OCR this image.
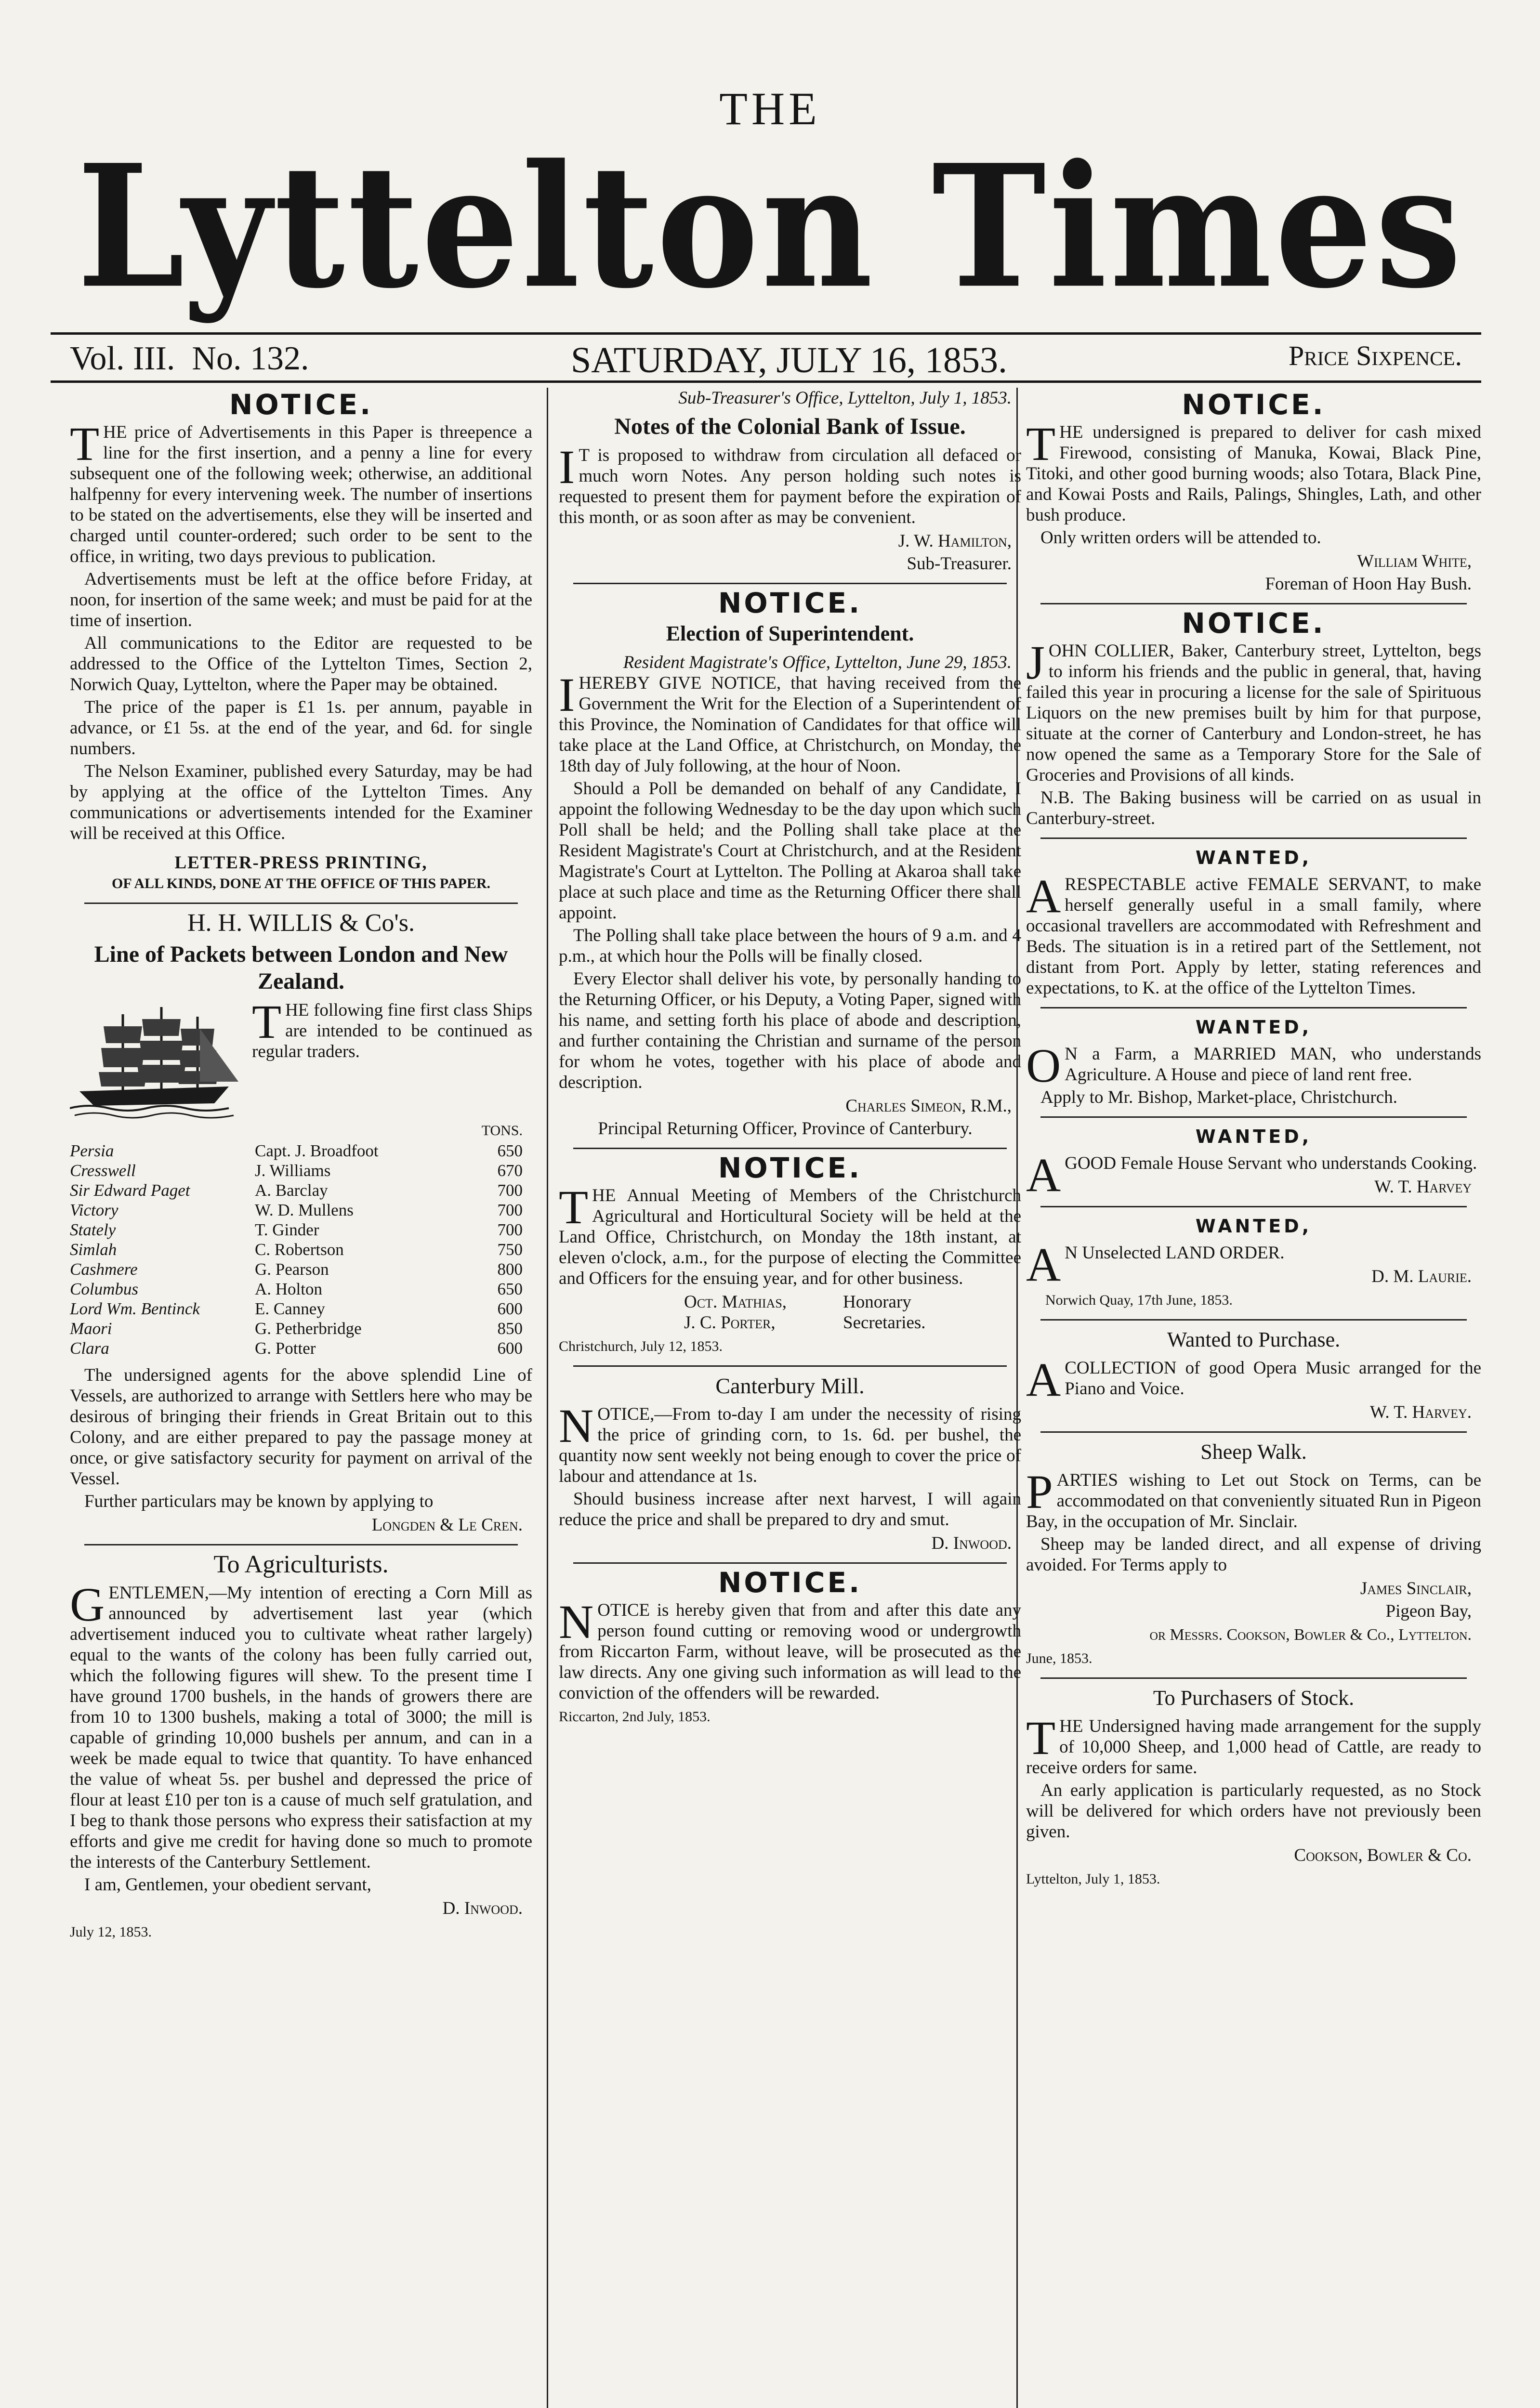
THE
Lyttelton Times
Vol. III. No. 132.	SATURDAY, JULY 16, 1853.	Price Sixpence.
NOTICE.

THE price of Advertisements in this Paper is threepence a line for the first insertion, and a penny a line for every subsequent one of the following week; otherwise, an additional halfpenny for every intervening week. The number of insertions to be stated on the advertisements, else they will be inserted and charged until counter-ordered; such order to be sent to the office, in writing, two days previous to publication.

Advertisements must be left at the office before Friday, at noon, for insertion of the same week; and must be paid for at the time of insertion.

All communications to the Editor are requested to be addressed to the Office of the Lyttelton Times, Section 2, Norwich Quay, Lyttelton, where the Paper may be obtained.

The price of the paper is £1 1s. per annum, payable in advance, or £1 5s. at the end of the year, and 6d. for single numbers.

The Nelson Examiner, published every Saturday, may be had by applying at the office of the Lyttelton Times. Any communications or advertisements intended for the Examiner will be received at this Office.

LETTER-PRESS PRINTING,
OF ALL KINDS, DONE AT THE OFFICE OF THIS PAPER.
H. H. WILLIS & Co's.
Line of Packets between London and New Zealand.

THE following fine first class Ships are intended to be continued as regular traders.

TONS.
Persia	Capt. J. Broadfoot	650
Cresswell	J. Williams	670
Sir Edward Paget	A. Barclay	700
Victory	W. D. Mullens	700
Stately	T. Ginder	700
Simlah	C. Robertson	750
Cashmere	G. Pearson	800
Columbus	A. Holton	650
Lord Wm. Bentinck	E. Canney	600
Maori	G. Petherbridge	850
Clara	G. Potter	600

The undersigned agents for the above splendid Line of Vessels, are authorized to arrange with Settlers here who may be desirous of bringing their friends in Great Britain out to this Colony, and are either prepared to pay the passage money at once, or give satisfactory security for payment on arrival of the Vessel.

Further particulars may be known by applying to

Longden & Le Cren.
To Agriculturists.

GENTLEMEN,—My intention of erecting a Corn Mill as announced by advertisement last year (which advertisement induced you to cultivate wheat rather largely) equal to the wants of the colony has been fully carried out, which the following figures will shew. To the present time I have ground 1700 bushels, in the hands of growers there are from 10 to 1300 bushels, making a total of 3000; the mill is capable of grinding 10,000 bushels per annum, and can in a week be made equal to twice that quantity. To have enhanced the value of wheat 5s. per bushel and depressed the price of flour at least £10 per ton is a cause of much self gratulation, and I beg to thank those persons who express their satisfaction at my efforts and give me credit for having done so much to promote the interests of the Canterbury Settlement.

I am, Gentlemen, your obedient servant,

D. Inwood.
July 12, 1853.
Sub-Treasurer's Office, Lyttelton, July 1, 1853.
Notes of the Colonial Bank of Issue.

IT is proposed to withdraw from circulation all defaced or much worn Notes. Any person holding such notes is requested to present them for payment before the expiration of this month, or as soon after as may be convenient.

J. W. Hamilton,
Sub-Treasurer.
NOTICE.
Election of Superintendent.
Resident Magistrate's Office, Lyttelton, June 29, 1853.

IHEREBY GIVE NOTICE, that having received from the Government the Writ for the Election of a Superintendent of this Province, the Nomination of Candidates for that office will take place at the Land Office, at Christchurch, on Monday, the 18th day of July following, at the hour of Noon.

Should a Poll be demanded on behalf of any Candidate, I appoint the following Wednesday to be the day upon which such Poll shall be held; and the Polling shall take place at the Resident Magistrate's Court at Christchurch, and at the Resident Magistrate's Court at Lyttelton. The Polling at Akaroa shall take place at such place and time as the Returning Officer there shall appoint.

The Polling shall take place between the hours of 9 a.m. and 4 p.m., at which hour the Polls will be finally closed.

Every Elector shall deliver his vote, by personally handing to the Returning Officer, or his Deputy, a Voting Paper, signed with his name, and setting forth his place of abode and description, and further containing the Christian and surname of the person for whom he votes, together with his place of abode and description.

Charles Simeon, R.M.,
Principal Returning Officer, Province of Canterbury.
NOTICE.

THE Annual Meeting of Members of the Christchurch Agricultural and Horticultural Society will be held at the Land Office, Christchurch, on Monday the 18th instant, at eleven o'clock, a.m., for the purpose of electing the Committee and Officers for the ensuing year, and for other business.

Oct. Mathias,
J. C. Porter,
Honorary Secretaries.
Christchurch, July 12, 1853.
Canterbury Mill.

NOTICE,—From to-day I am under the necessity of rising the price of grinding corn, to 1s. 6d. per bushel, the quantity now sent weekly not being enough to cover the price of labour and attendance at 1s.

Should business increase after next harvest, I will again reduce the price and shall be prepared to dry and smut.

D. Inwood.
NOTICE.

NOTICE is hereby given that from and after this date any person found cutting or removing wood or undergrowth from Riccarton Farm, without leave, will be prosecuted as the law directs. Any one giving such information as will lead to the conviction of the offenders will be rewarded.

Riccarton, 2nd July, 1853.
NOTICE.

THE undersigned is prepared to deliver for cash mixed Firewood, consisting of Manuka, Kowai, Black Pine, Titoki, and other good burning woods; also Totara, Black Pine, and Kowai Posts and Rails, Palings, Shingles, Lath, and other bush produce.

Only written orders will be attended to.

William White,
Foreman of Hoon Hay Bush.
NOTICE.

JOHN COLLIER, Baker, Canterbury street, Lyttelton, begs to inform his friends and the public in general, that, having failed this year in procuring a license for the sale of Spirituous Liquors on the new premises built by him for that purpose, situate at the corner of Canterbury and London-street, he has now opened the same as a Temporary Store for the Sale of Groceries and Provisions of all kinds.

N.B. The Baking business will be carried on as usual in Canterbury-street.

WANTED,

ARESPECTABLE active FEMALE SERVANT, to make herself generally useful in a small family, where occasional travellers are accommodated with Refreshment and Beds. The situation is in a retired part of the Settlement, not distant from Port. Apply by letter, stating references and expectations, to K. at the office of the Lyttelton Times.

WANTED,

ON a Farm, a MARRIED MAN, who understands Agriculture. A House and piece of land rent free.

Apply to Mr. Bishop, Market-place, Christchurch.

WANTED,

AGOOD Female House Servant who understands Cooking.

W. T. Harvey
WANTED,

AN Unselected LAND ORDER.

D. M. Laurie.
Norwich Quay, 17th June, 1853.
Wanted to Purchase.

ACOLLECTION of good Opera Music arranged for the Piano and Voice.

W. T. Harvey.
Sheep Walk.

PARTIES wishing to Let out Stock on Terms, can be accommodated on that conveniently situated Run in Pigeon Bay, in the occupation of Mr. Sinclair.

Sheep may be landed direct, and all expense of driving avoided. For Terms apply to

James Sinclair,
Pigeon Bay,
or Messrs. Cookson, Bowler & Co., Lyttelton.
June, 1853.
To Purchasers of Stock.

THE Undersigned having made arrangement for the supply of 10,000 Sheep, and 1,000 head of Cattle, are ready to receive orders for same.

An early application is particularly requested, as no Stock will be delivered for which orders have not previously been given.

Cookson, Bowler & Co.
Lyttelton, July 1, 1853.
